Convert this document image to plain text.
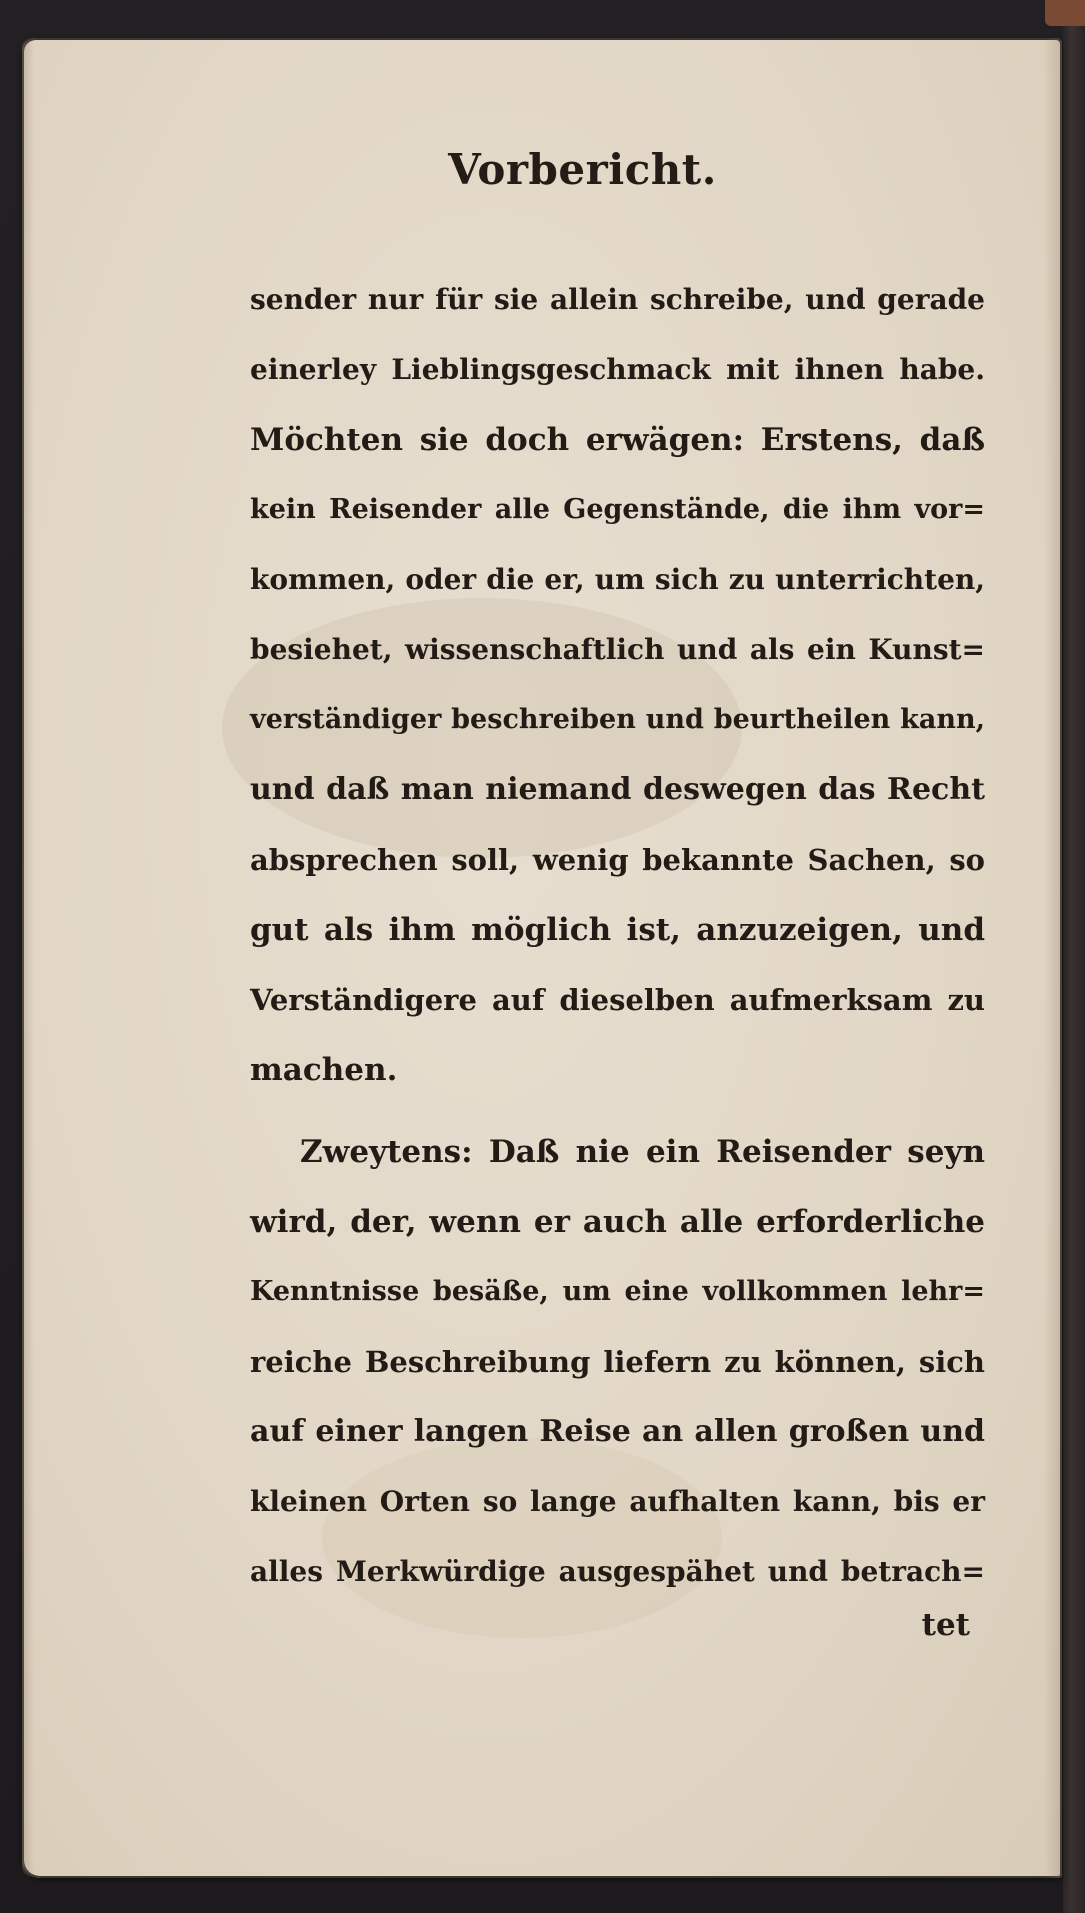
Vorbericht.
sender nur für sie allein schreibe, und gerade
einerley Lieblingsgeschmack mit ihnen habe.
Möchten sie doch erwägen: Erstens, daß
kein Reisender alle Gegenstände, die ihm vor=
kommen, oder die er, um sich zu unterrichten,
besiehet, wissenschaftlich und als ein Kunst=
verständiger beschreiben und beurtheilen kann,
und daß man niemand deswegen das Recht
absprechen soll, wenig bekannte Sachen, so
gut als ihm möglich ist, anzuzeigen, und
Verständigere auf dieselben aufmerksam zu
machen.
Zweytens: Daß nie ein Reisender seyn
wird, der, wenn er auch alle erforderliche
Kenntnisse besäße, um eine vollkommen lehr=
reiche Beschreibung liefern zu können, sich
auf einer langen Reise an allen großen und
kleinen Orten so lange aufhalten kann, bis er
alles Merkwürdige ausgespähet und betrach=
tet
